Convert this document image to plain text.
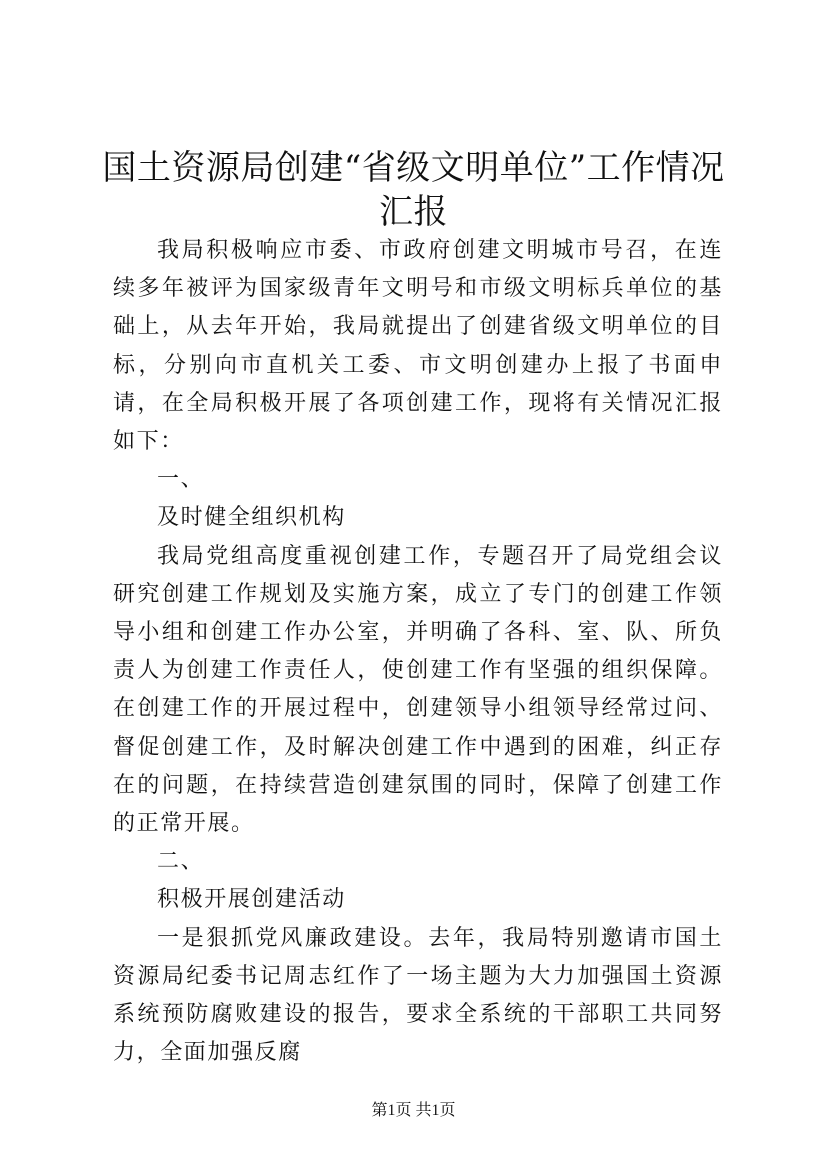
国土资源局创建“省级文明单位”工作情况汇报

我局积极响应市委、市政府创建文明城市号召，在连续多年被评为国家级青年文明号和市级文明标兵单位的基础上，从去年开始，我局就提出了创建省级文明单位的目标，分别向市直机关工委、市文明创建办上报了书面申请，在全局积极开展了各项创建工作，现将有关情况汇报如下：

一、

及时健全组织机构

我局党组高度重视创建工作，专题召开了局党组会议研究创建工作规划及实施方案，成立了专门的创建工作领导小组和创建工作办公室，并明确了各科、室、队、所负责人为创建工作责任人，使创建工作有坚强的组织保障。在创建工作的开展过程中，创建领导小组领导经常过问、督促创建工作，及时解决创建工作中遇到的困难，纠正存在的问题，在持续营造创建氛围的同时，保障了创建工作的正常开展。

二、

积极开展创建活动

一是狠抓党风廉政建设。去年，我局特别邀请市国土资源局纪委书记周志红作了一场主题为大力加强国土资源系统预防腐败建设的报告，要求全系统的干部职工共同努力，全面加强反腐

第1页 共1页
